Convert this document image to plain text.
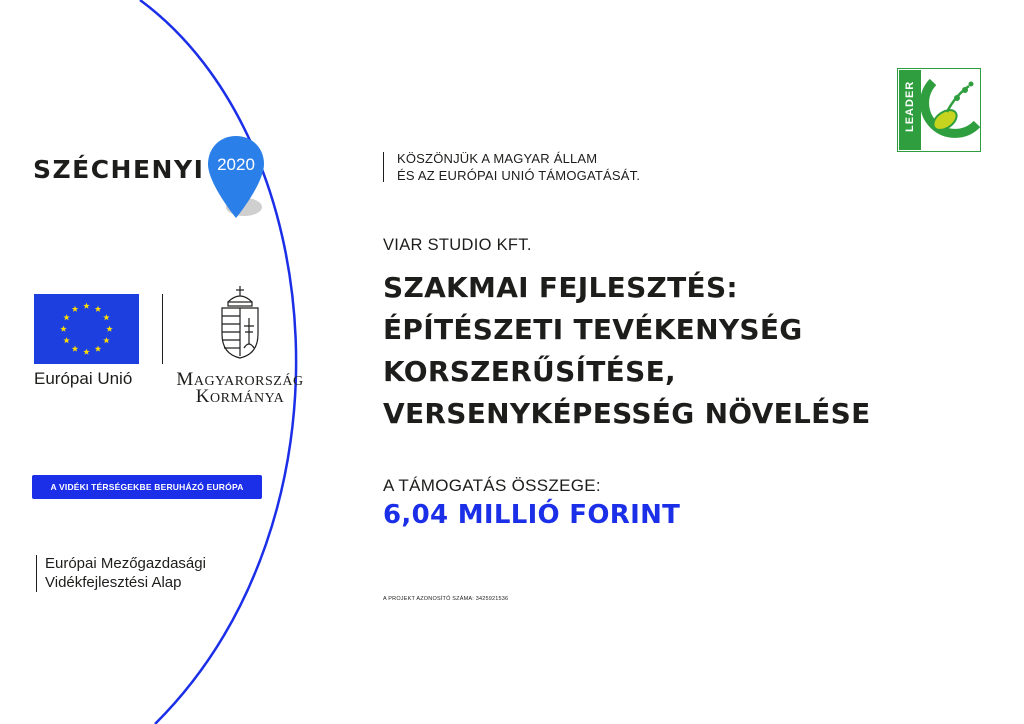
SZÉCHENYI 2020
Európai Unió	MAGYARORSZÁG
KORMÁNYA
A VIDÉKI TÉRSÉGEKBE BERUHÁZÓ EURÓPA
Európai Mezőgazdasági
Vidékfejlesztési Alap
KÖSZÖNJÜK A MAGYAR ÁLLAM
ÉS AZ EURÓPAI UNIÓ TÁMOGATÁSÁT.
LEADER
VIAR STUDIO KFT.
SZAKMAI FEJLESZTÉS:
ÉPÍTÉSZETI TEVÉKENYSÉG
KORSZERŰSÍTÉSE,
VERSENYKÉPESSÉG NÖVELÉSE
A TÁMOGATÁS ÖSSZEGE:
6,04 MILLIÓ FORINT
A PROJEKT AZONOSÍTÓ SZÁMA: 3425921536
